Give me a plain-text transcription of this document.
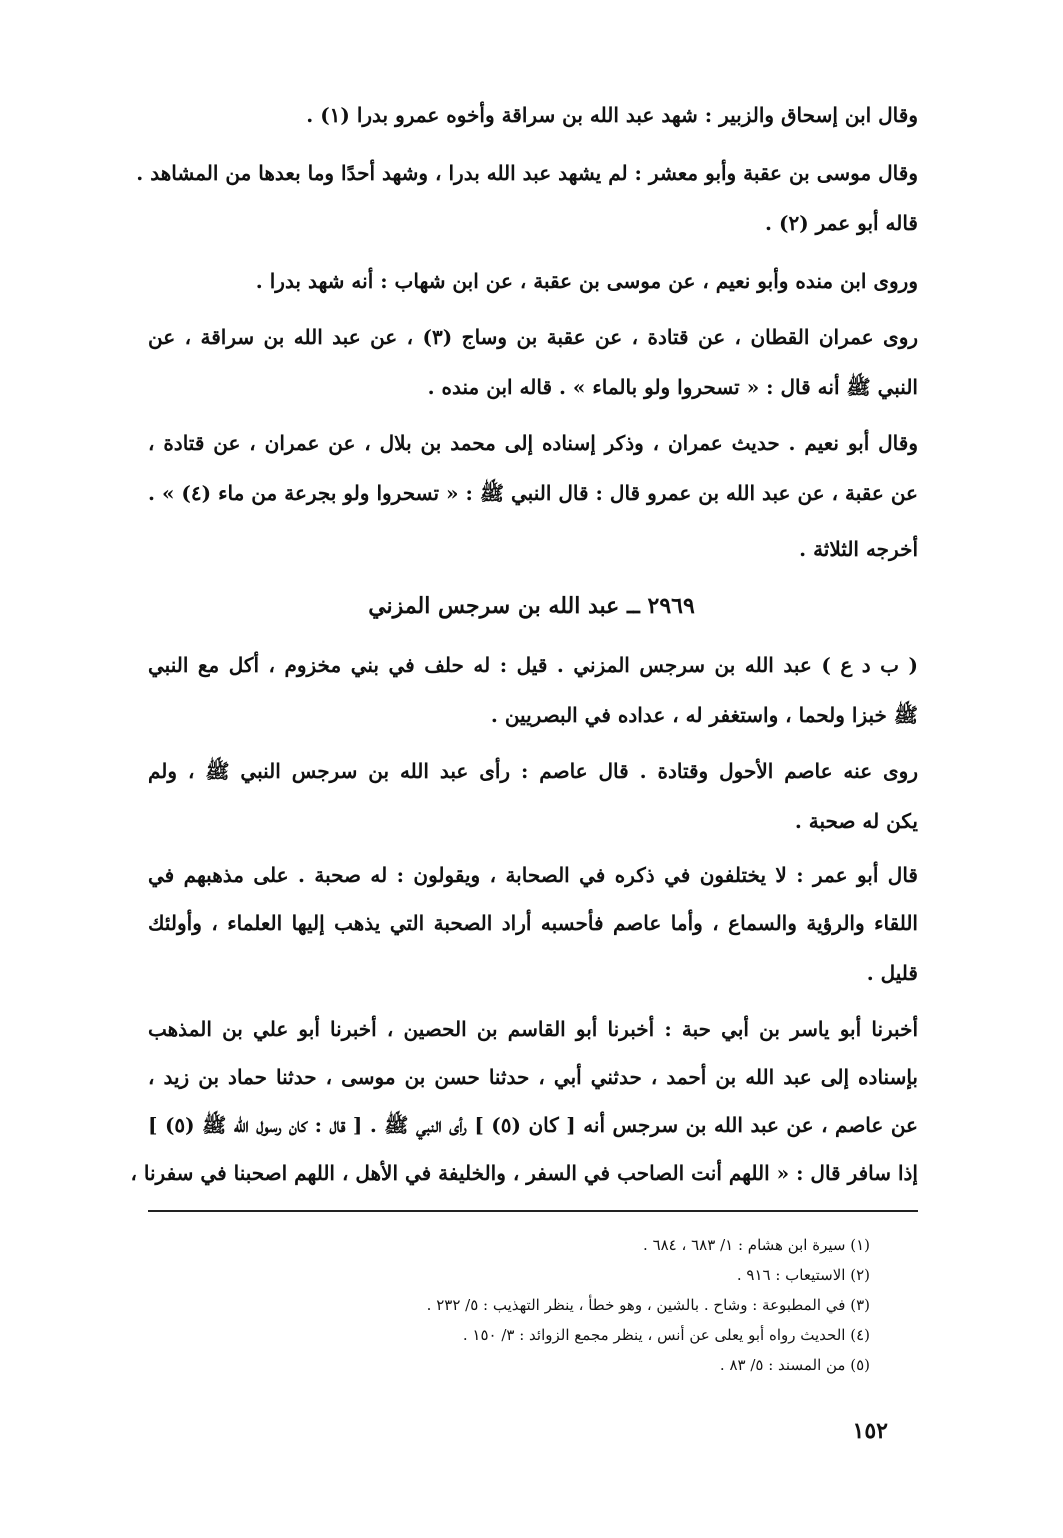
وقال ابن إسحاق والزبير : شهد عبد الله بن سراقة وأخوه عمرو بدرا (١) .
وقال موسى بن عقبة وأبو معشر : لم يشهد عبد الله بدرا ، وشهد أحدًا وما بعدها من المشاهد .
قاله أبو عمر (٢) .
وروى ابن منده وأبو نعيم ، عن موسى بن عقبة ، عن ابن شهاب : أنه شهد بدرا .
روى عمران القطان ، عن قتادة ، عن عقبة بن وساج (٣) ، عن عبد الله بن سراقة ، عن
النبي ﷺ أنه قال : « تسحروا ولو بالماء » . قاله ابن منده .
وقال أبو نعيم . حديث عمران ، وذكر إسناده إلى محمد بن بلال ، عن عمران ، عن قتادة ،
عن عقبة ، عن عبد الله بن عمرو قال : قال النبي ﷺ : « تسحروا ولو بجرعة من ماء (٤) » .
أخرجه الثلاثة .
٢٩٦٩ ــ عبد الله بن سرجس المزني
( ب د ع ) عبد الله بن سرجس المزني . قيل : له حلف في بني مخزوم ، أكل مع النبي
ﷺ خبزا ولحما ، واستغفر له ، عداده في البصريين .
روى عنه عاصم الأحول وقتادة . قال عاصم : رأى عبد الله بن سرجس النبي ﷺ ، ولم
يكن له صحبة .
قال أبو عمر : لا يختلفون في ذكره في الصحابة ، ويقولون : له صحبة . على مذهبهم في
اللقاء والرؤية والسماع ، وأما عاصم فأحسبه أراد الصحبة التي يذهب إليها العلماء ، وأولئك
قليل .
أخبرنا أبو ياسر بن أبي حبة : أخبرنا أبو القاسم بن الحصين ، أخبرنا أبو علي بن المذهب
بإسناده إلى عبد الله بن أحمد ، حدثني أبي ، حدثنا حسن بن موسى ، حدثنا حماد بن زيد ،
عن عاصم ، عن عبد الله بن سرجس أنه [ كان (٥) ] رأى النبي ﷺ . [ قال : كان رسول الله ﷺ (٥) ]
إذا سافر قال : « اللهم أنت الصاحب في السفر ، والخليفة في الأهل ، اللهم اصحبنا في سفرنا ،
(١) سيرة ابن هشام : ١/ ٦٨٣ ، ٦٨٤ .
(٢) الاستيعاب : ٩١٦ .
(٣) في المطبوعة : وشاح . بالشين ، وهو خطأ ، ينظر التهذيب : ٥/ ٢٣٢ .
(٤) الحديث رواه أبو يعلى عن أنس ، ينظر مجمع الزوائد : ٣/ ١٥٠ .
(٥) من المسند : ٥/ ٨٣ .
١٥٢
